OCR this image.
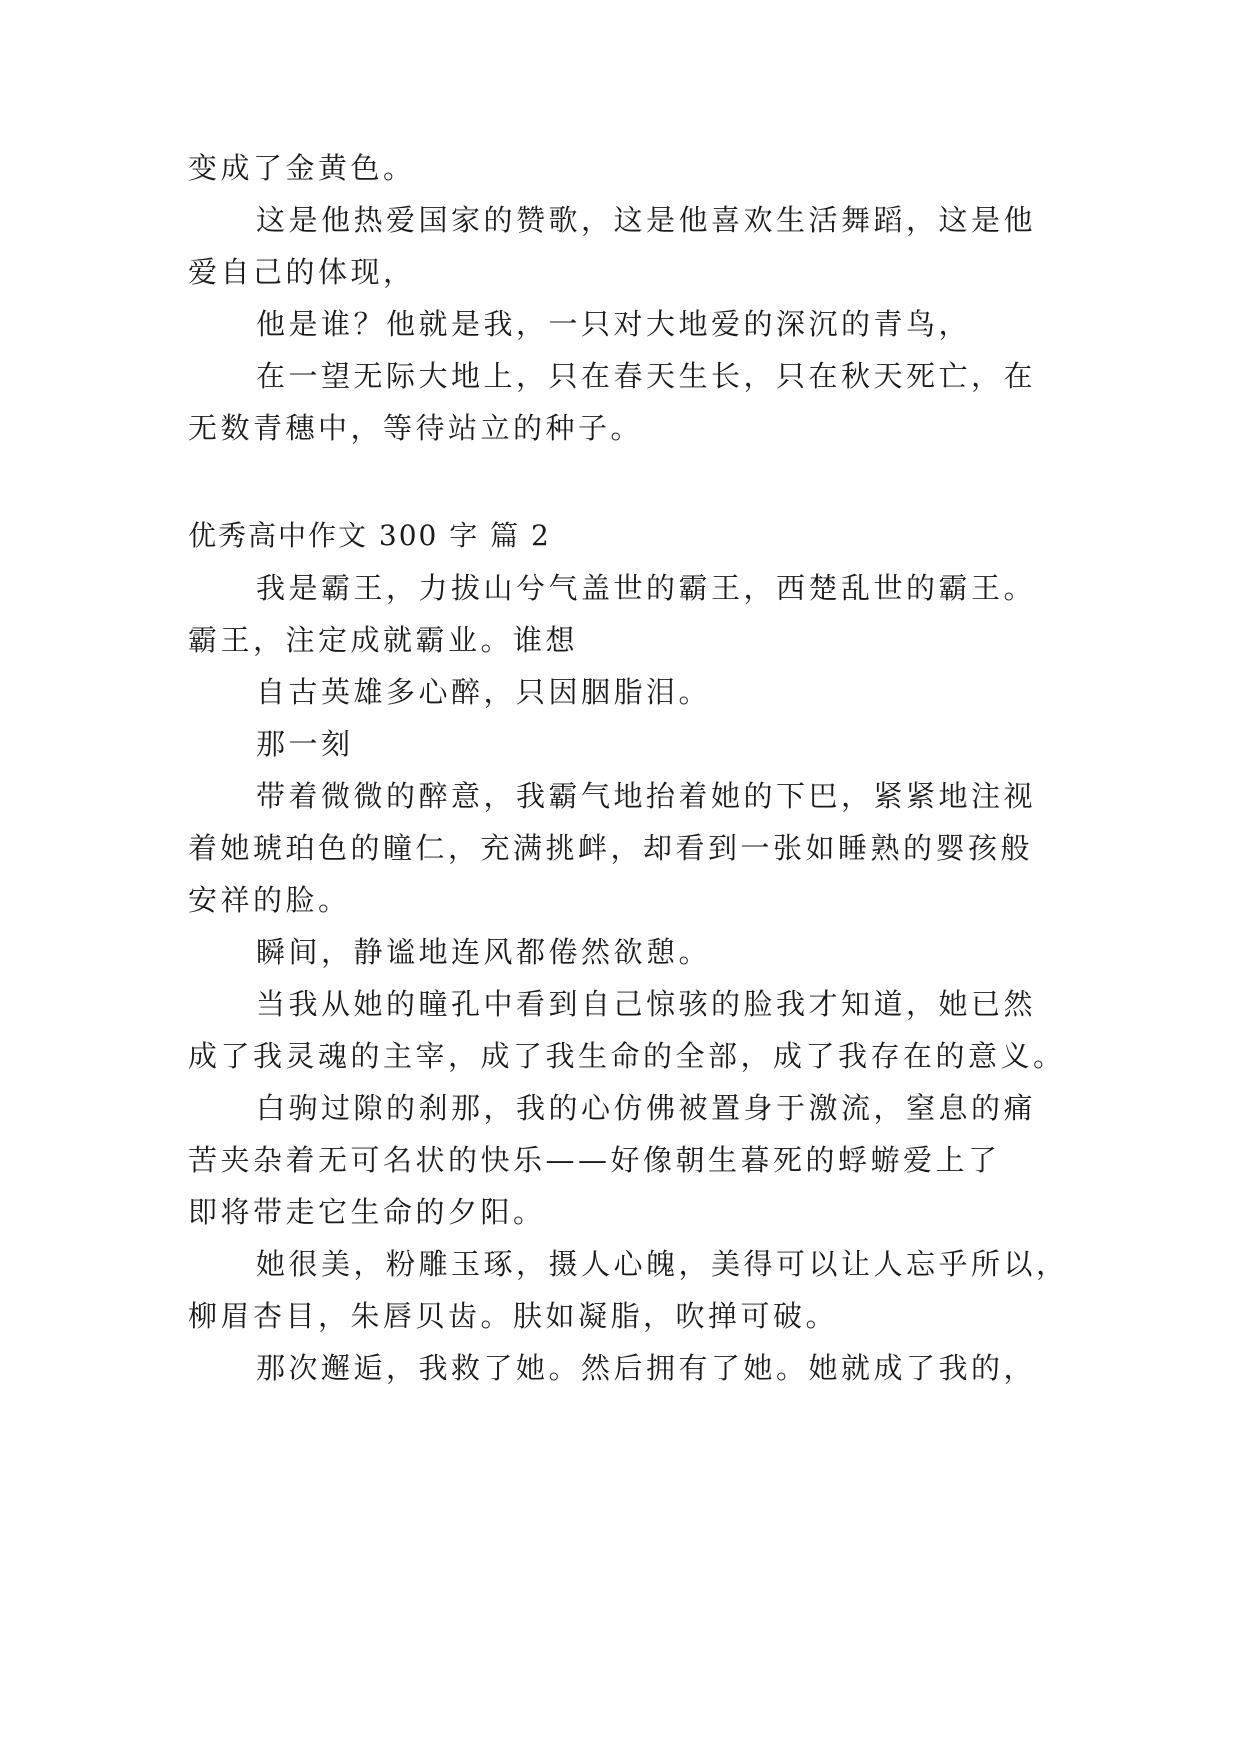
变成了金黄色。
这是他热爱国家的赞歌，这是他喜欢生活舞蹈，这是他
爱自己的体现，
他是谁？他就是我，一只对大地爱的深沉的青鸟，
在一望无际大地上，只在春天生长，只在秋天死亡，在
无数青穗中，等待站立的种子。
优秀高中作文 300 字 篇 2
我是霸王，力拔山兮气盖世的霸王，西楚乱世的霸王。
霸王，注定成就霸业。谁想
自古英雄多心醉，只因胭脂泪。
那一刻
带着微微的醉意，我霸气地抬着她的下巴，紧紧地注视
着她琥珀色的瞳仁，充满挑衅，却看到一张如睡熟的婴孩般
安祥的脸。
瞬间，静谧地连风都倦然欲憩。
当我从她的瞳孔中看到自己惊骇的脸我才知道，她已然
成了我灵魂的主宰，成了我生命的全部，成了我存在的意义。
白驹过隙的刹那，我的心仿佛被置身于激流，窒息的痛
苦夹杂着无可名状的快乐——好像朝生暮死的蜉蝣爱上了
即将带走它生命的夕阳。
她很美，粉雕玉琢，摄人心魄，美得可以让人忘乎所以，
柳眉杏目，朱唇贝齿。肤如凝脂，吹掸可破。
那次邂逅，我救了她。然后拥有了她。她就成了我的，
